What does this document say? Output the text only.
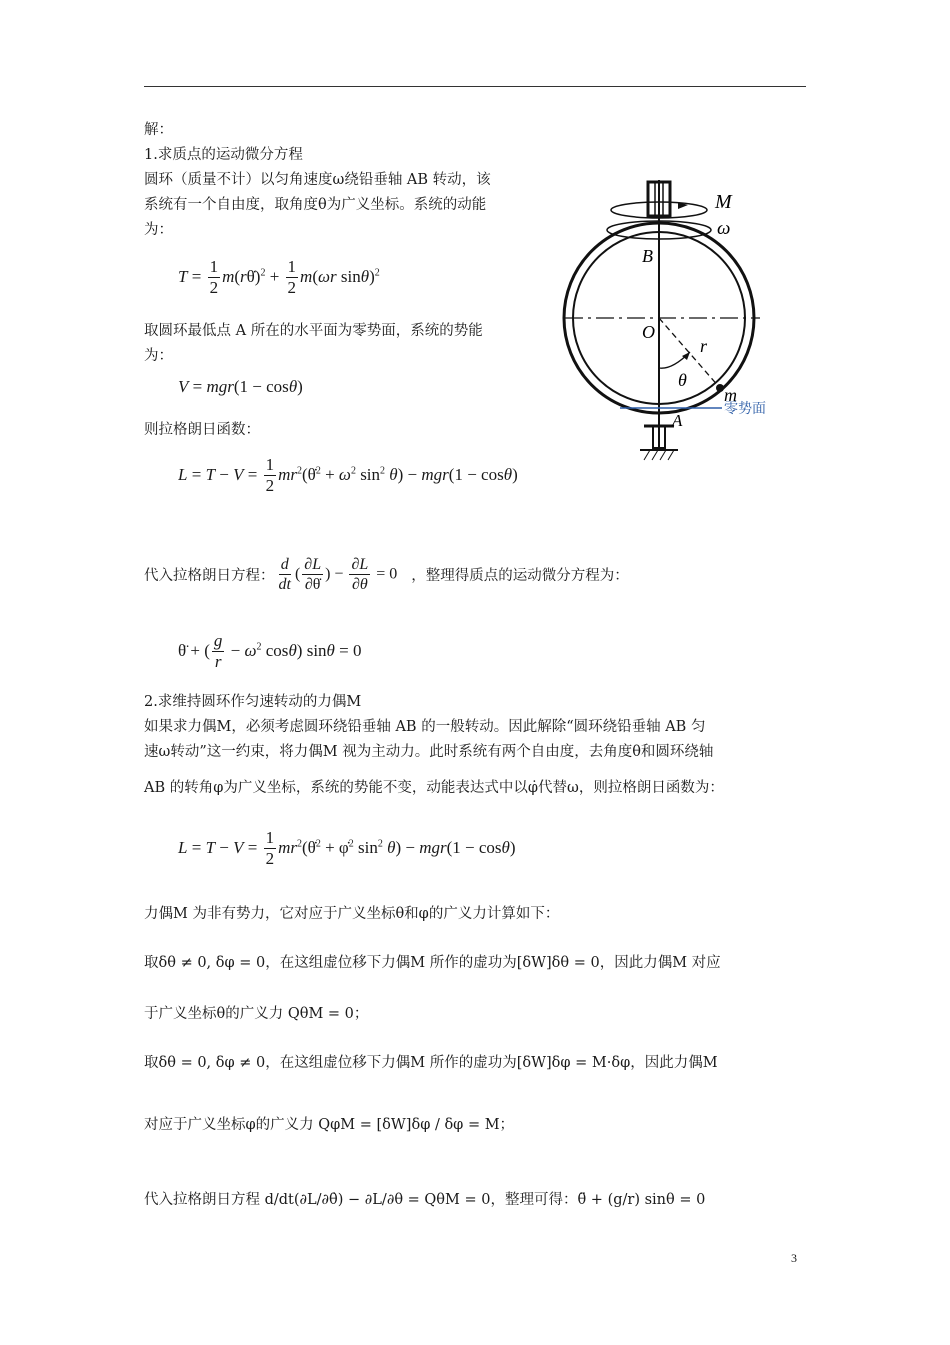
解：
1.求质点的运动微分方程
圆环（质量不计）以匀角速度ω绕铅垂轴 AB 转动，该
系统有一个自由度，取角度θ为广义坐标。系统的动能
为：
$T = \frac{1}{2}$ m(rθ̇)$^2$ + $\frac{1}{2} m(\omega r$ sinθ)$^2$
取圆环最低点 A 所在的水平面为零势面，系统的势能
为：
V = mgr(1 − cosθ)
则拉格朗日函数：
$L = T - V = \frac{1}{2}$ $mr^2(\thetȧ^2 + \omega^2$ $\sin^2 \theta) - mgr(1 - \cos\theta)$
代入拉格朗日方程： $\frac{d}{dt}$ ( $\frac{\partial L}{\partial\thetȧ}$ ) − $\frac{\partial L}{\partial\theta} = 0$ ，整理得质点的运动微分方程为：
θ̈ + ( $\frac{g}{r} - \omega^2$ cosθ) sinθ = 0
2.求维持圆环作匀速转动的力偶M
如果求力偶M，必须考虑圆环绕铅垂轴 AB 的一般转动。因此解除“圆环绕铅垂轴 AB 匀
速ω转动”这一约束，将力偶M 视为主动力。此时系统有两个自由度，去角度θ和圆环绕轴
AB 的转角φ为广义坐标，系统的势能不变，动能表达式中以φ̇代替ω，则拉格朗日函数为：
$L = T - V = \frac{1}{2}$ $mr^2(\thetȧ^2$ + φ̇$^2$ $\sin^2 \theta) - mgr(1 - \cos\theta)$
力偶M 为非有势力，它对应于广义坐标θ和φ的广义力计算如下：
取δθ ≠ 0, δφ = 0，在这组虚位移下力偶M 所作的虚功为[δW]δθ = 0，因此力偶M 对应
于广义坐标θ的广义力 QθM = 0；
取δθ = 0, δφ ≠ 0，在这组虚位移下力偶M 所作的虚功为[δW]δφ = M·δφ，因此力偶M
对应于广义坐标φ的广义力 QφM = [δW]δφ / δφ = M；
代入拉格朗日方程 d/dt(∂L/∂θ̇) − ∂L/∂θ = QθM = 0，整理可得：θ̈ + (g/r) sinθ = 0
M
ω
B
O
r
θ
m
A
零势面
3
